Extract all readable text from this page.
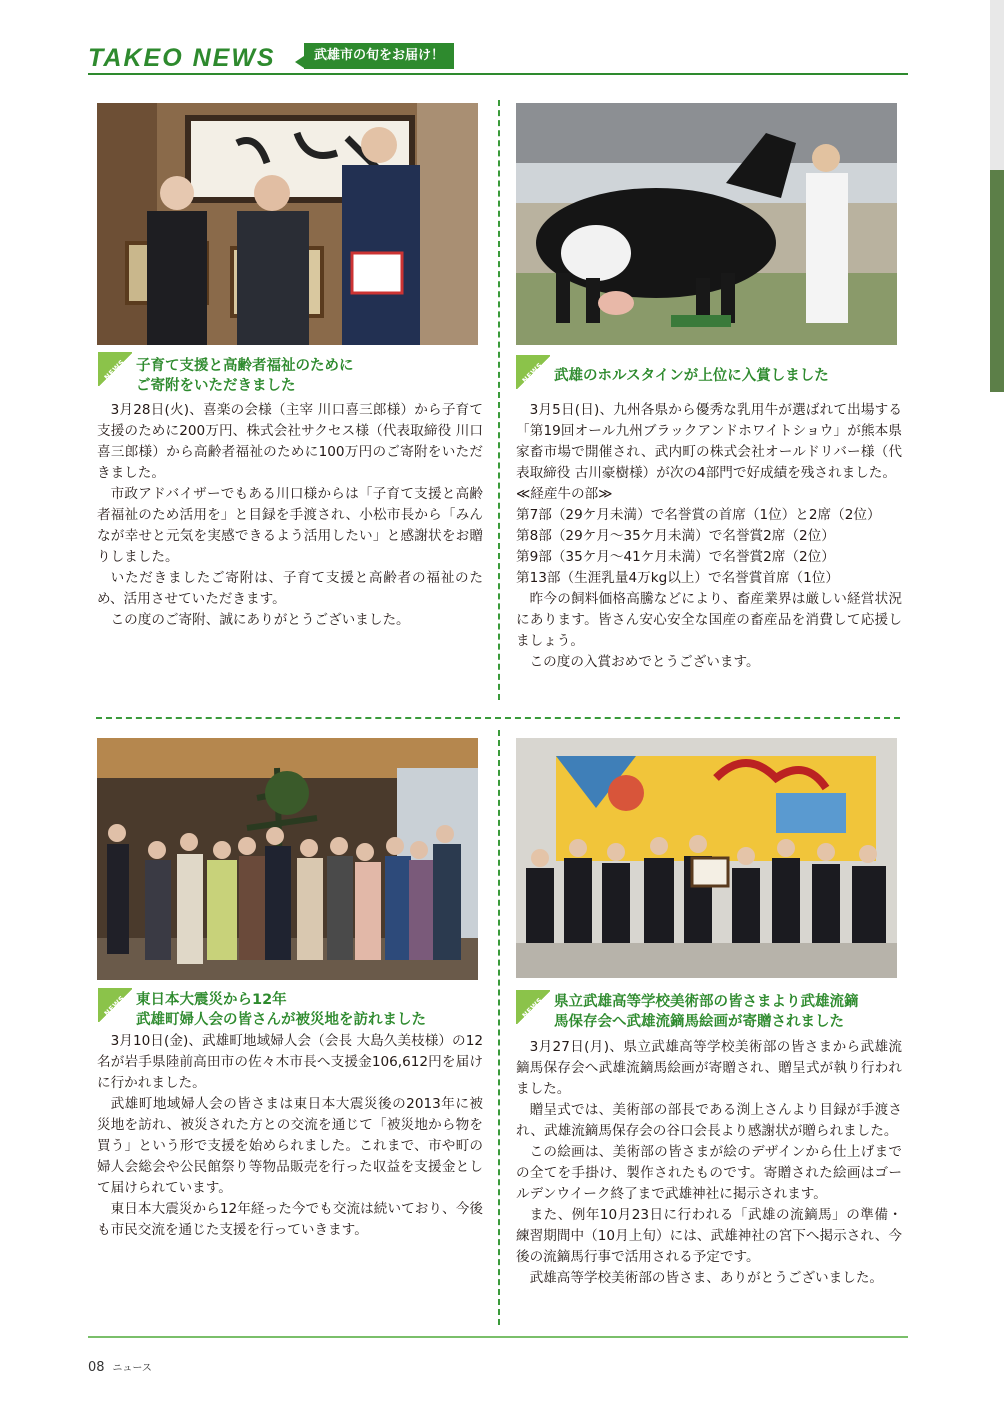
TAKEO NEWS	武雄市の旬をお届け！
NEWS 子育て支援と高齢者福祉のために
ご寄附をいただきました

3月28日(火)、喜楽の会様（主宰 川口喜三郎様）から子育て支援のために200万円、株式会社サクセス様（代表取締役 川口喜三郎様）から高齢者福祉のために100万円のご寄附をいただきました。

市政アドバイザーでもある川口様からは「子育て支援と高齢者福祉のため活用を」と目録を手渡され、小松市長から「みんなが幸せと元気を実感できるよう活用したい」と感謝状をお贈りしました。

いただきましたご寄附は、子育て支援と高齢者の福祉のため、活用させていただきます。

この度のご寄附、誠にありがとうございました。

NEWS 武雄のホルスタインが上位に入賞しました

3月5日(日)、九州各県から優秀な乳用牛が選ばれて出場する「第19回オール九州ブラックアンドホワイトショウ」が熊本県家畜市場で開催され、武内町の株式会社オールドリバー様（代表取締役 古川豪樹様）が次の4部門で好成績を残されました。

≪経産牛の部≫

第7部（29ケ月未満）で名誉賞の首席（1位）と2席（2位）

第8部（29ケ月〜35ケ月未満）で名誉賞2席（2位）

第9部（35ケ月〜41ケ月未満）で名誉賞2席（2位）

第13部（生涯乳量4万kg以上）で名誉賞首席（1位）

昨今の飼料価格高騰などにより、畜産業界は厳しい経営状況にあります。皆さん安心安全な国産の畜産品を消費して応援しましょう。

この度の入賞おめでとうございます。

NEWS 東日本大震災から12年
武雄町婦人会の皆さんが被災地を訪れました

3月10日(金)、武雄町地域婦人会（会長 大島久美枝様）の12名が岩手県陸前高田市の佐々木市長へ支援金106,612円を届けに行かれました。

武雄町地域婦人会の皆さまは東日本大震災後の2013年に被災地を訪れ、被災された方との交流を通じて「被災地から物を買う」という形で支援を始められました。これまで、市や町の婦人会総会や公民館祭り等物品販売を行った収益を支援金として届けられています。

東日本大震災から12年経った今でも交流は続いており、今後も市民交流を通じた支援を行っていきます。

NEWS 県立武雄高等学校美術部の皆さまより武雄流鏑
馬保存会へ武雄流鏑馬絵画が寄贈されました

3月27日(月)、県立武雄高等学校美術部の皆さまから武雄流鏑馬保存会へ武雄流鏑馬絵画が寄贈され、贈呈式が執り行われました。

贈呈式では、美術部の部長である渕上さんより目録が手渡され、武雄流鏑馬保存会の谷口会長より感謝状が贈られました。

この絵画は、美術部の皆さまが絵のデザインから仕上げまでの全てを手掛け、製作されたものです。寄贈された絵画はゴールデンウイーク終了まで武雄神社に掲示されます。

また、例年10月23日に行われる「武雄の流鏑馬」の準備・練習期間中（10月上旬）には、武雄神社の宮下へ掲示され、今後の流鏑馬行事で活用される予定です。

武雄高等学校美術部の皆さま、ありがとうございました。

08 ニュース
